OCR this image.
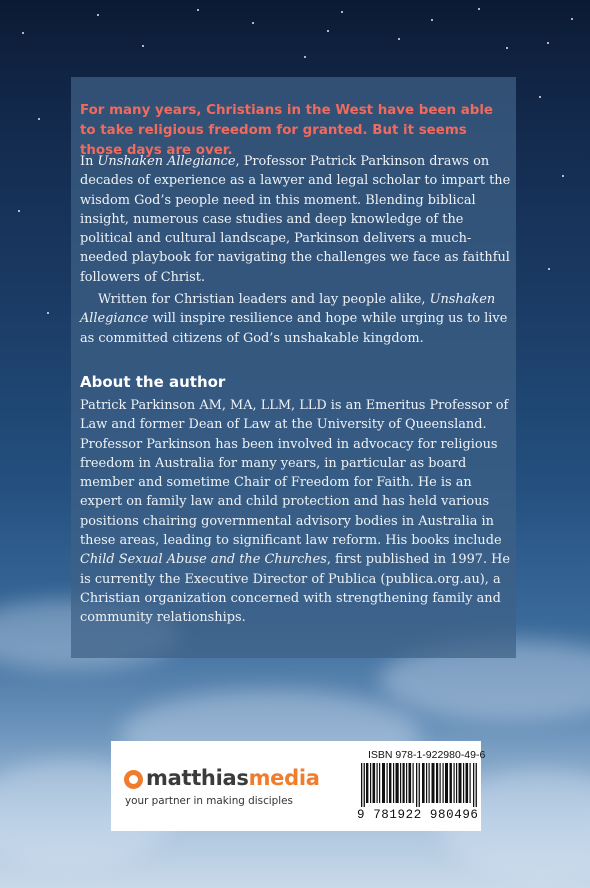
For many years, Christians in the West have been able to take religious freedom for granted. But it seems those days are over.

In Unshaken Allegiance, Professor Patrick Parkinson draws on decades of experience as a lawyer and legal scholar to impart the wisdom God’s people need in this moment. Blending biblical insight, numerous case studies and deep knowledge of the political and cultural landscape, Parkinson delivers a much-needed playbook for navigating the challenges we face as faithful followers of Christ.

Written for Christian leaders and lay people alike, Unshaken Allegiance will inspire resilience and hope while urging us to live as committed citizens of God’s unshakable kingdom.

About the author

Patrick Parkinson AM, MA, LLM, LLD is an Emeritus Professor of Law and former Dean of Law at the University of Queensland. Professor Parkinson has been involved in advocacy for religious freedom in Australia for many years, in particular as board member and sometime Chair of Freedom for Faith. He is an expert on family law and child protection and has held various positions chairing governmental advisory bodies in Australia in these areas, leading to significant law reform. His books include Child Sexual Abuse and the Churches, first published in 1997. He is currently the Executive Director of Publica (publica.org.au), a Christian organization concerned with strengthening family and community relationships.

matthiasmedia
your partner in making disciples
ISBN 978-1-922980-49-6
9 781922 980496
